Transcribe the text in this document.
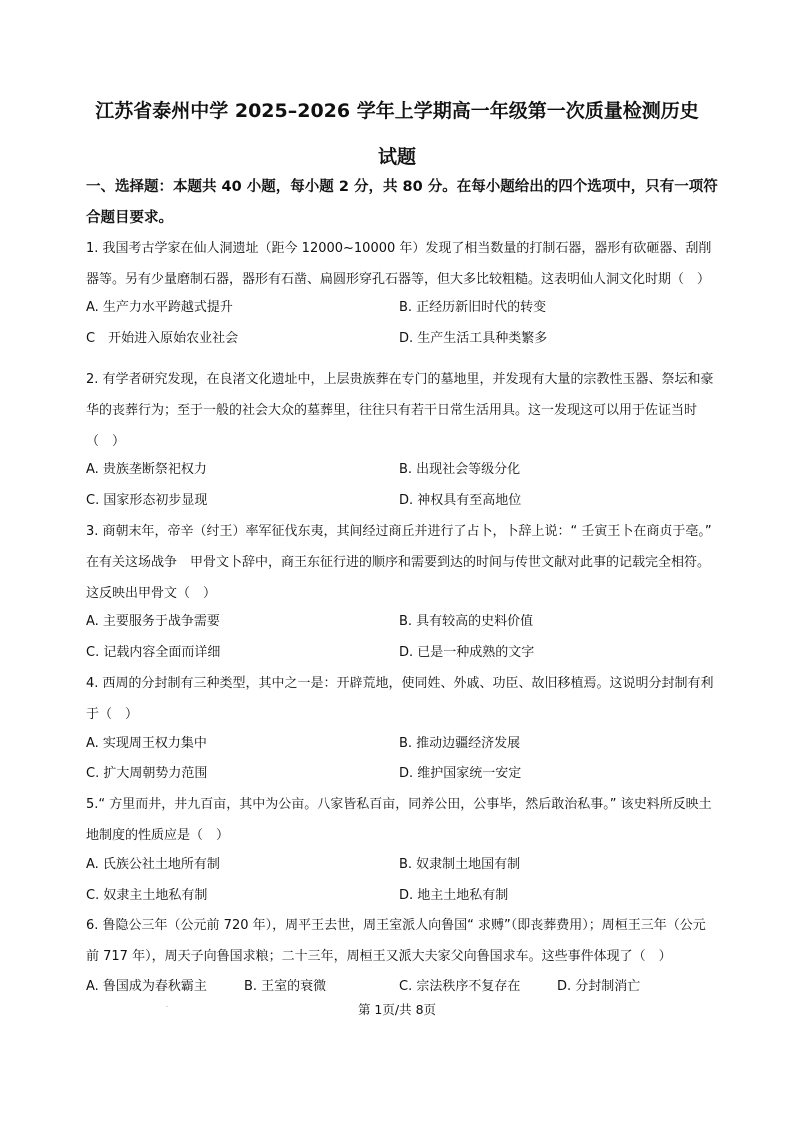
江苏省泰州中学 2025–2026 学年上学期高一年级第一次质量检测历史
试题
一、选择题：本题共 40 小题，每小题 2 分，共 80 分。在每小题给出的四个选项中，只有一项符合题目要求。
1. 我国考古学家在仙人洞遗址（距今 12000~10000 年）发现了相当数量的打制石器，器形有砍砸器、刮削器等。另有少量磨制石器，器形有石凿、扁圆形穿孔石器等，但大多比较粗糙。这表明仙人洞文化时期（　）
A. 生产力水平跨越式提升	B. 正经历新旧时代的转变
C　开始进入原始农业社会	D. 生产生活工具种类繁多
2. 有学者研究发现，在良渚文化遗址中，上层贵族葬在专门的墓地里，并发现有大量的宗教性玉器、祭坛和豪华的丧葬行为；至于一般的社会大众的墓葬里，往往只有若干日常生活用具。这一发现这可以用于佐证当时（　）
A. 贵族垄断祭祀权力	B. 出现社会等级分化
C. 国家形态初步显现	D. 神权具有至高地位
3. 商朝末年，帝辛（纣王）率军征伐东夷，其间经过商丘并进行了占卜，卜辞上说：“ 壬寅王卜在商贞于亳。” 在有关这场战争　甲骨文卜辞中，商王东征行进的顺序和需要到达的时间与传世文献对此事的记载完全相符。这反映出甲骨文（　）
A. 主要服务于战争需要	B. 具有较高的史料价值
C. 记载内容全面而详细	D. 已是一种成熟的文字
4. 西周的分封制有三种类型，其中之一是：开辟荒地，使同姓、外戚、功臣、故旧移植焉。这说明分封制有利于（　）
A. 实现周王权力集中	B. 推动边疆经济发展
C. 扩大周朝势力范围	D. 维护国家统一安定
5.“ 方里而井，井九百亩，其中为公亩。八家皆私百亩，同养公田，公事毕，然后敢治私事。” 该史料所反映土地制度的性质应是（　）
A. 氏族公社土地所有制	B. 奴隶制土地国有制
C. 奴隶主土地私有制	D. 地主土地私有制
6. 鲁隐公三年（公元前 720 年），周平王去世，周王室派人向鲁国“ 求赙”（即丧葬费用）；周桓王三年（公元前 717 年），周天子向鲁国求粮；二十三年，周桓王又派大夫家父向鲁国求车。这些事件体现了（　）
A. 鲁国成为春秋霸主	B. 王室的衰微	C. 宗法秩序不复存在	D. 分封制消亡
·	第 1页/共 8页
